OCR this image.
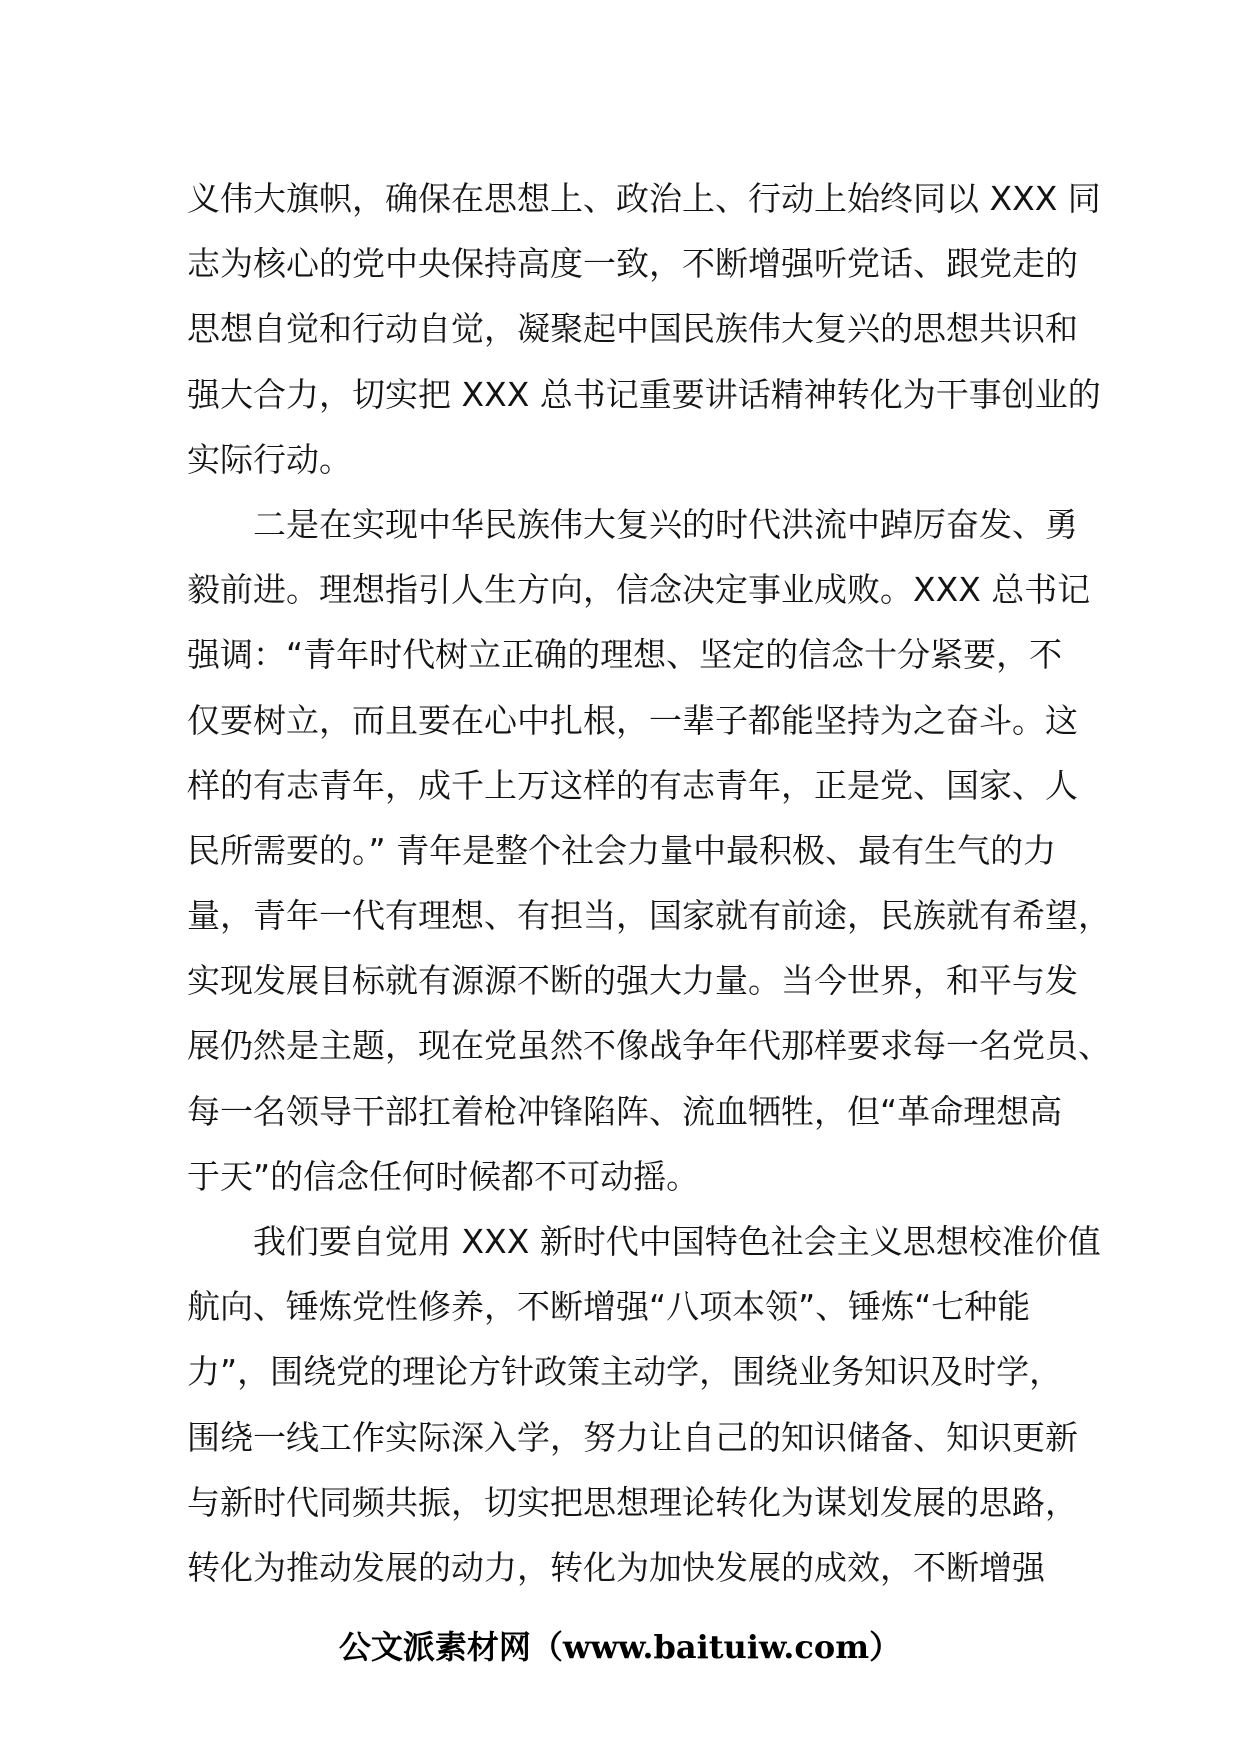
义伟大旗帜，确保在思想上、政治上、行动上始终同以 XXX 同
志为核心的党中央保持高度一致，不断增强听党话、跟党走的
思想自觉和行动自觉，凝聚起中国民族伟大复兴的思想共识和
强大合力，切实把 XXX 总书记重要讲话精神转化为干事创业的
实际行动。
二是在实现中华民族伟大复兴的时代洪流中踔厉奋发、勇
毅前进。理想指引人生方向，信念决定事业成败。XXX 总书记
强调：“青年时代树立正确的理想、坚定的信念十分紧要，不
仅要树立，而且要在心中扎根，一辈子都能坚持为之奋斗。这
样的有志青年，成千上万这样的有志青年，正是党、国家、人
民所需要的。” 青年是整个社会力量中最积极、最有生气的力
量，青年一代有理想、有担当，国家就有前途，民族就有希望，
实现发展目标就有源源不断的强大力量。当今世界，和平与发
展仍然是主题，现在党虽然不像战争年代那样要求每一名党员、
每一名领导干部扛着枪冲锋陷阵、流血牺牲，但“革命理想高
于天”的信念任何时候都不可动摇。
我们要自觉用 XXX 新时代中国特色社会主义思想校准价值
航向、锤炼党性修养，不断增强“八项本领”、锤炼“七种能
力”，围绕党的理论方针政策主动学，围绕业务知识及时学，
围绕一线工作实际深入学，努力让自己的知识储备、知识更新
与新时代同频共振，切实把思想理论转化为谋划发展的思路，
转化为推动发展的动力，转化为加快发展的成效，不断增强
公文派素材网（www.baituiw.com）
